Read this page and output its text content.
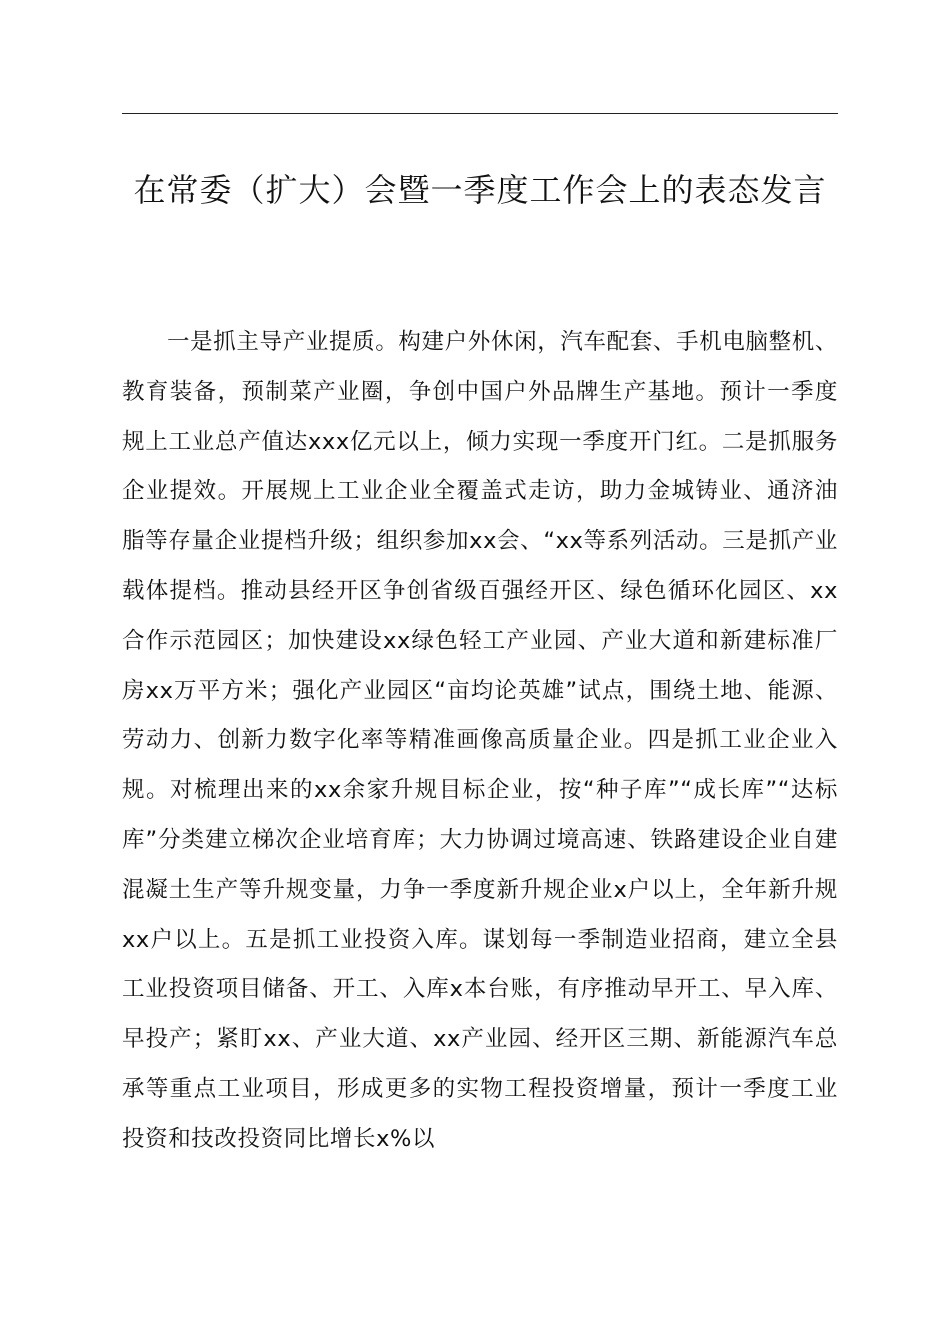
在常委（扩大）会暨一季度工作会上的表态发言

一是抓主导产业提质。构建户外休闲，汽车配套、手机电脑整机、教育装备，预制菜产业圈，争创中国户外品牌生产基地。预计一季度规上工业总产值达xxx亿元以上，倾力实现一季度开门红。二是抓服务企业提效。开展规上工业企业全覆盖式走访，助力金城铸业、通济油脂等存量企业提档升级；组织参加xx会、“xx等系列活动。三是抓产业载体提档。推动县经开区争创省级百强经开区、绿色循环化园区、xx合作示范园区；加快建设xx绿色轻工产业园、产业大道和新建标准厂房xx万平方米；强化产业园区“亩均论英雄”试点，围绕土地、能源、劳动力、创新力数字化率等精准画像高质量企业。四是抓工业企业入规。对梳理出来的xx余家升规目标企业，按“种子库”“成长库”“达标库”分类建立梯次企业培育库；大力协调过境高速、铁路建设企业自建混凝土生产等升规变量，力争一季度新升规企业x户以上，全年新升规xx户以上。五是抓工业投资入库。谋划每一季制造业招商，建立全县工业投资项目储备、开工、入库x本台账，有序推动早开工、早入库、早投产；紧盯xx、产业大道、xx产业园、经开区三期、新能源汽车总承等重点工业项目，形成更多的实物工程投资增量，预计一季度工业投资和技改投资同比增长x%以
